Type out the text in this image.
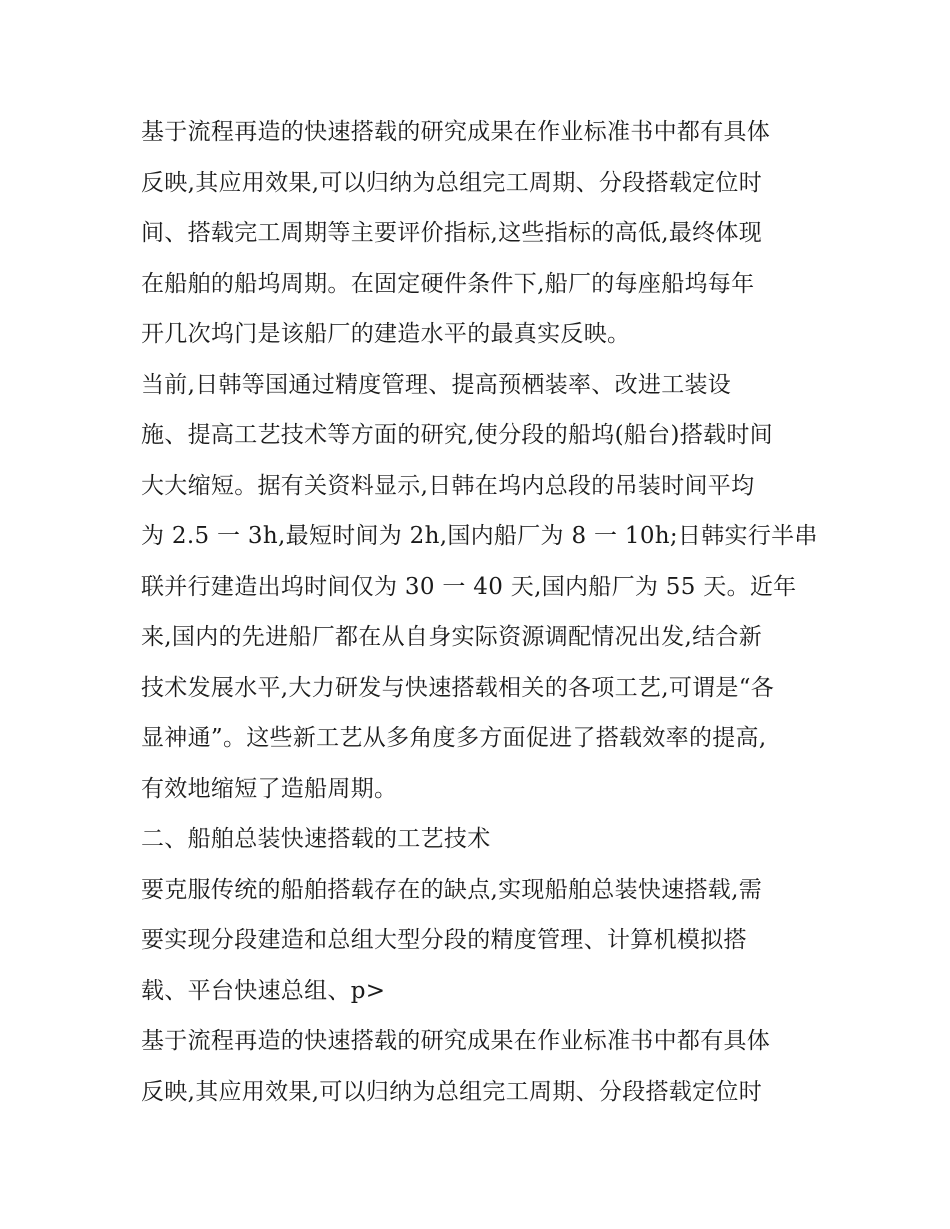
基于流程再造的快速搭载的研究成果在作业标准书中都有具体
反映,其应用效果,可以归纳为总组完工周期、分段搭载定位时
间、搭载完工周期等主要评价指标,这些指标的高低,最终体现
在船舶的船坞周期。在固定硬件条件下,船厂的每座船坞每年
开几次坞门是该船厂的建造水平的最真实反映。
当前,日韩等国通过精度管理、提高预栖装率、改进工装设
施、提高工艺技术等方面的研究,使分段的船坞(船台)搭载时间
大大缩短。据有关资料显示,日韩在坞内总段的吊装时间平均
为 2.5 一 3h,最短时间为 2h,国内船厂为 8 一 10h;日韩实行半串
联并行建造出坞时间仅为 30 一 40 天,国内船厂为 55 天。近年
来,国内的先进船厂都在从自身实际资源调配情况出发,结合新
技术发展水平,大力研发与快速搭载相关的各项工艺,可谓是“各
显神通”。这些新工艺从多角度多方面促进了搭载效率的提高,
有效地缩短了造船周期。
二、船舶总装快速搭载的工艺技术
要克服传统的船舶搭载存在的缺点,实现船舶总装快速搭载,需
要实现分段建造和总组大型分段的精度管理、计算机模拟搭
载、平台快速总组、p>
基于流程再造的快速搭载的研究成果在作业标准书中都有具体
反映,其应用效果,可以归纳为总组完工周期、分段搭载定位时
